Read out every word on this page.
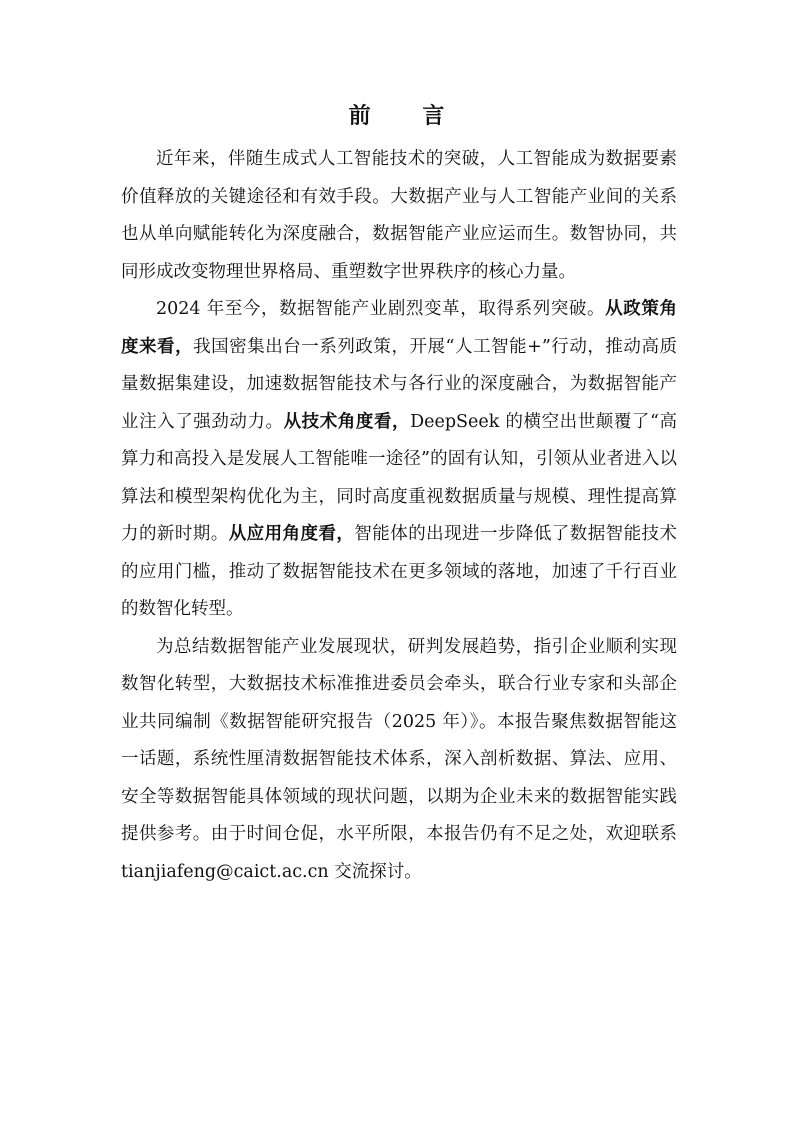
前 言

近年来，伴随生成式人工智能技术的突破，人工智能成为数据要素价值释放的关键途径和有效手段。大数据产业与人工智能产业间的关系也从单向赋能转化为深度融合，数据智能产业应运而生。数智协同，共同形成改变物理世界格局、重塑数字世界秩序的核心力量。

2024 年至今，数据智能产业剧烈变革，取得系列突破。从政策角度来看，我国密集出台一系列政策，开展“人工智能+”行动，推动高质量数据集建设，加速数据智能技术与各行业的深度融合，为数据智能产业注入了强劲动力。从技术角度看，DeepSeek 的横空出世颠覆了“高算力和高投入是发展人工智能唯一途径”的固有认知，引领从业者进入以算法和模型架构优化为主，同时高度重视数据质量与规模、理性提高算力的新时期。从应用角度看，智能体的出现进一步降低了数据智能技术的应用门槛，推动了数据智能技术在更多领域的落地，加速了千行百业的数智化转型。

为总结数据智能产业发展现状，研判发展趋势，指引企业顺利实现数智化转型，大数据技术标准推进委员会牵头，联合行业专家和头部企业共同编制《数据智能研究报告（2025 年）》。本报告聚焦数据智能这一话题，系统性厘清数据智能技术体系，深入剖析数据、算法、应用、安全等数据智能具体领域的现状问题，以期为企业未来的数据智能实践提供参考。由于时间仓促，水平所限，本报告仍有不足之处，欢迎联系 tianjiafeng@caict.ac.cn 交流探讨。
